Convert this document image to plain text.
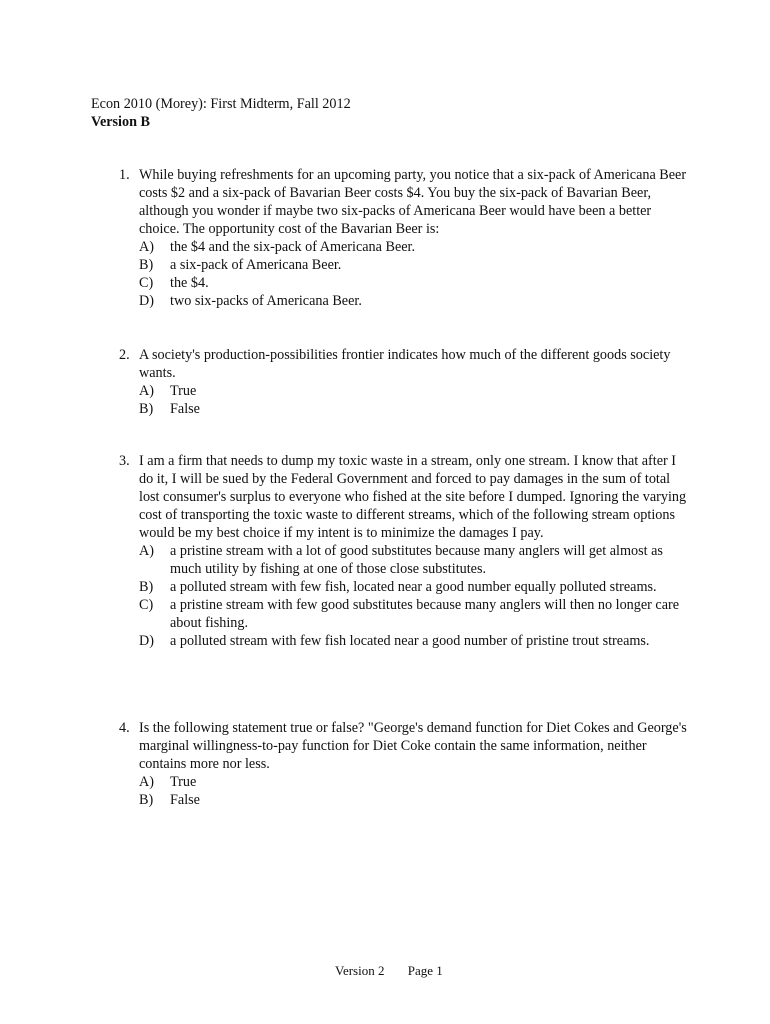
Econ 2010 (Morey): First Midterm, Fall 2012
Version B
1. While buying refreshments for an upcoming party, you notice that a six-pack of Americana Beer costs $2 and a six-pack of Bavarian Beer costs $4. You buy the six-pack of Bavarian Beer, although you wonder if maybe two six-packs of Americana Beer would have been a better choice. The opportunity cost of the Bavarian Beer is:
A)	the $4 and the six-pack of Americana Beer.
B)	a six-pack of Americana Beer.
C)	the $4.
D)	two six-packs of Americana Beer.
2. A society's production-possibilities frontier indicates how much of the different goods society wants.
A)	True
B)	False
3. I am a firm that needs to dump my toxic waste in a stream, only one stream. I know that after I do it, I will be sued by the Federal Government and forced to pay damages in the sum of total lost consumer's surplus to everyone who fished at the site before I dumped. Ignoring the varying cost of transporting the toxic waste to different streams, which of the following stream options would be my best choice if my intent is to minimize the damages I pay.
A)	a pristine stream with a lot of good substitutes because many anglers will get almost as much utility by fishing at one of those close substitutes.
B)	a polluted stream with few fish, located near a good number equally polluted streams.
C)	a pristine stream with few good substitutes because many anglers will then no longer care about fishing.
D)	a polluted stream with few fish located near a good number of pristine trout streams.
4. Is the following statement true or false? "George's demand function for Diet Cokes and George's marginal willingness-to-pay function for Diet Coke contain the same information, neither contains more nor less.
A)	True
B)	False
Version 2 Page 1
